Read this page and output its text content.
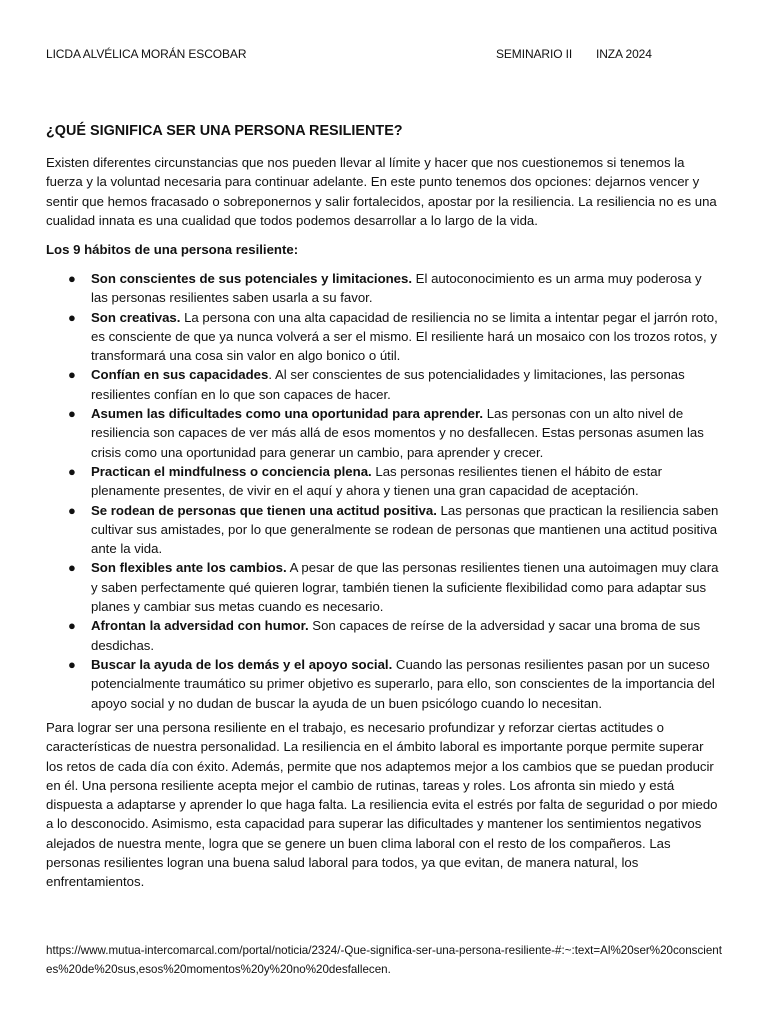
LICDA ALVÉLICA MORÁN ESCOBAR	SEMINARIO II INZA 2024
¿QUÉ SIGNIFICA SER UNA PERSONA RESILIENTE?

Existen diferentes circunstancias que nos pueden llevar al límite y hacer que nos cuestionemos si tenemos la fuerza y la voluntad necesaria para continuar adelante. En este punto tenemos dos opciones: dejarnos vencer y sentir que hemos fracasado o sobreponernos y salir fortalecidos, apostar por la resiliencia. La resiliencia no es una cualidad innata es una cualidad que todos podemos desarrollar a lo largo de la vida.

Los 9 hábitos de una persona resiliente:

● Son conscientes de sus potenciales y limitaciones. El autoconocimiento es un arma muy poderosa y las personas resilientes saben usarla a su favor.
● Son creativas. La persona con una alta capacidad de resiliencia no se limita a intentar pegar el jarrón roto, es consciente de que ya nunca volverá a ser el mismo. El resiliente hará un mosaico con los trozos rotos, y transformará una cosa sin valor en algo bonico o útil.
● Confían en sus capacidades. Al ser conscientes de sus potencialidades y limitaciones, las personas resilientes confían en lo que son capaces de hacer.
● Asumen las dificultades como una oportunidad para aprender. Las personas con un alto nivel de resiliencia son capaces de ver más allá de esos momentos y no desfallecen. Estas personas asumen las crisis como una oportunidad para generar un cambio, para aprender y crecer.
● Practican el mindfulness o conciencia plena. Las personas resilientes tienen el hábito de estar plenamente presentes, de vivir en el aquí y ahora y tienen una gran capacidad de aceptación.
● Se rodean de personas que tienen una actitud positiva. Las personas que practican la resiliencia saben cultivar sus amistades, por lo que generalmente se rodean de personas que mantienen una actitud positiva ante la vida.
● Son flexibles ante los cambios. A pesar de que las personas resilientes tienen una autoimagen muy clara y saben perfectamente qué quieren lograr, también tienen la suficiente flexibilidad como para adaptar sus planes y cambiar sus metas cuando es necesario.
● Afrontan la adversidad con humor. Son capaces de reírse de la adversidad y sacar una broma de sus desdichas.
● Buscar la ayuda de los demás y el apoyo social. Cuando las personas resilientes pasan por un suceso potencialmente traumático su primer objetivo es superarlo, para ello, son conscientes de la importancia del apoyo social y no dudan de buscar la ayuda de un buen psicólogo cuando lo necesitan.

Para lograr ser una persona resiliente en el trabajo, es necesario profundizar y reforzar ciertas actitudes o características de nuestra personalidad. La resiliencia en el ámbito laboral es importante porque permite superar los retos de cada día con éxito. Además, permite que nos adaptemos mejor a los cambios que se puedan producir en él. Una persona resiliente acepta mejor el cambio de rutinas, tareas y roles. Los afronta sin miedo y está dispuesta a adaptarse y aprender lo que haga falta. La resiliencia evita el estrés por falta de seguridad o por miedo a lo desconocido. Asimismo, esta capacidad para superar las dificultades y mantener los sentimientos negativos alejados de nuestra mente, logra que se genere un buen clima laboral con el resto de los compañeros. Las personas resilientes logran una buena salud laboral para todos, ya que evitan, de manera natural, los enfrentamientos.

https://www.mutua-intercomarcal.com/portal/noticia/2324/-Que-significa-ser-una-persona-resiliente-#:~:text=Al%20ser%20conscientes%20de%20sus,esos%20momentos%20y%20no%20desfallecen.
